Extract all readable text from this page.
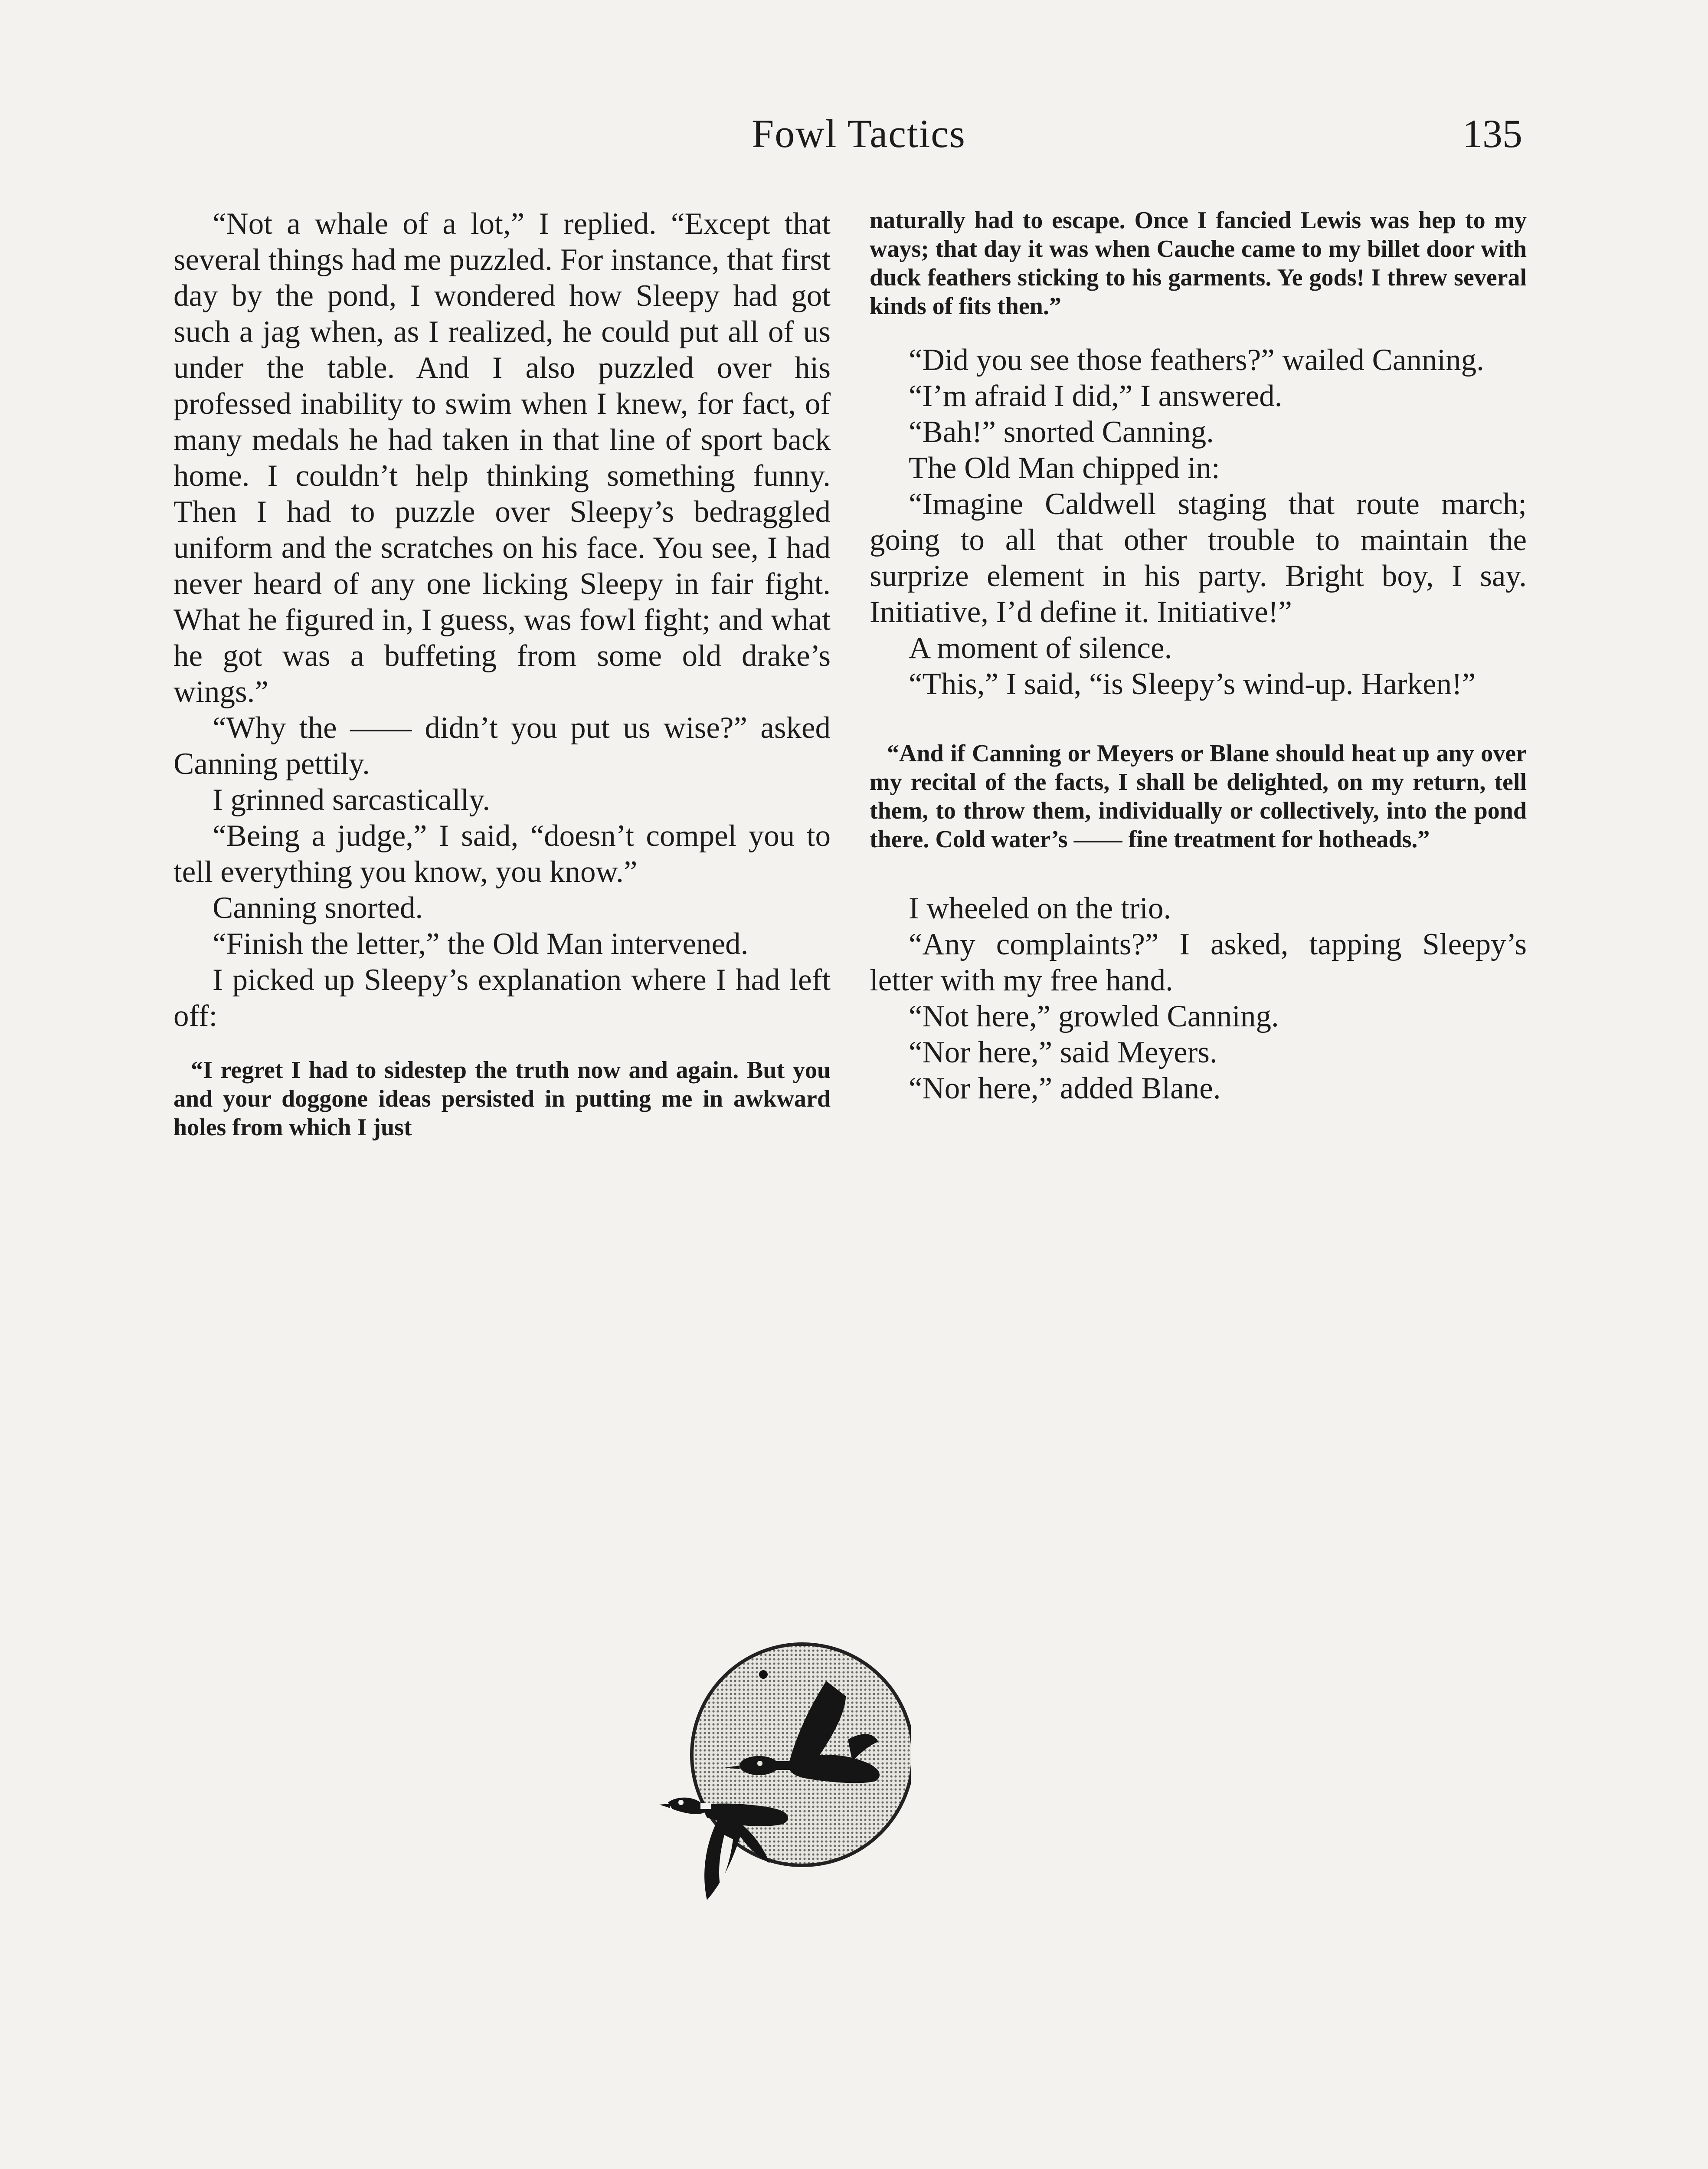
Fowl Tactics	135

“Not a whale of a lot,” I replied. “Except that several things had me puzzled. For instance, that first day by the pond, I wondered how Sleepy had got such a jag when, as I realized, he could put all of us under the table. And I also puzzled over his professed inability to swim when I knew, for fact, of many medals he had taken in that line of sport back home. I couldn’t help thinking something funny. Then I had to puzzle over Sleepy’s bedraggled uniform and the scratches on his face. You see, I had never heard of any one licking Sleepy in fair fight. What he figured in, I guess, was fowl fight; and what he got was a buffeting from some old drake’s wings.”

“Why the —— didn’t you put us wise?” asked Canning pettily.

I grinned sarcastically.

“Being a judge,” I said, “doesn’t compel you to tell everything you know, you know.”

Canning snorted.

“Finish the letter,” the Old Man intervened.

I picked up Sleepy’s explanation where I had left off:

“I regret I had to sidestep the truth now and again. But you and your doggone ideas persisted in putting me in awkward holes from which I just

naturally had to escape. Once I fancied Lewis was hep to my ways; that day it was when Cauche came to my billet door with duck feathers sticking to his garments. Ye gods! I threw several kinds of fits then.”

“Did you see those feathers?” wailed Canning.

“I’m afraid I did,” I answered.

“Bah!” snorted Canning.

The Old Man chipped in:

“Imagine Caldwell staging that route march; going to all that other trouble to maintain the surprize element in his party. Bright boy, I say. Initiative, I’d define it. Initiative!”

A moment of silence.

“This,” I said, “is Sleepy’s wind-up. Harken!”

“And if Canning or Meyers or Blane should heat up any over my recital of the facts, I shall be delighted, on my return, tell them, to throw them, individually or collectively, into the pond there. Cold water’s —— fine treatment for hotheads.”

I wheeled on the trio.

“Any complaints?” I asked, tapping Sleepy’s letter with my free hand.

“Not here,” growled Canning.

“Nor here,” said Meyers.

“Nor here,” added Blane.
